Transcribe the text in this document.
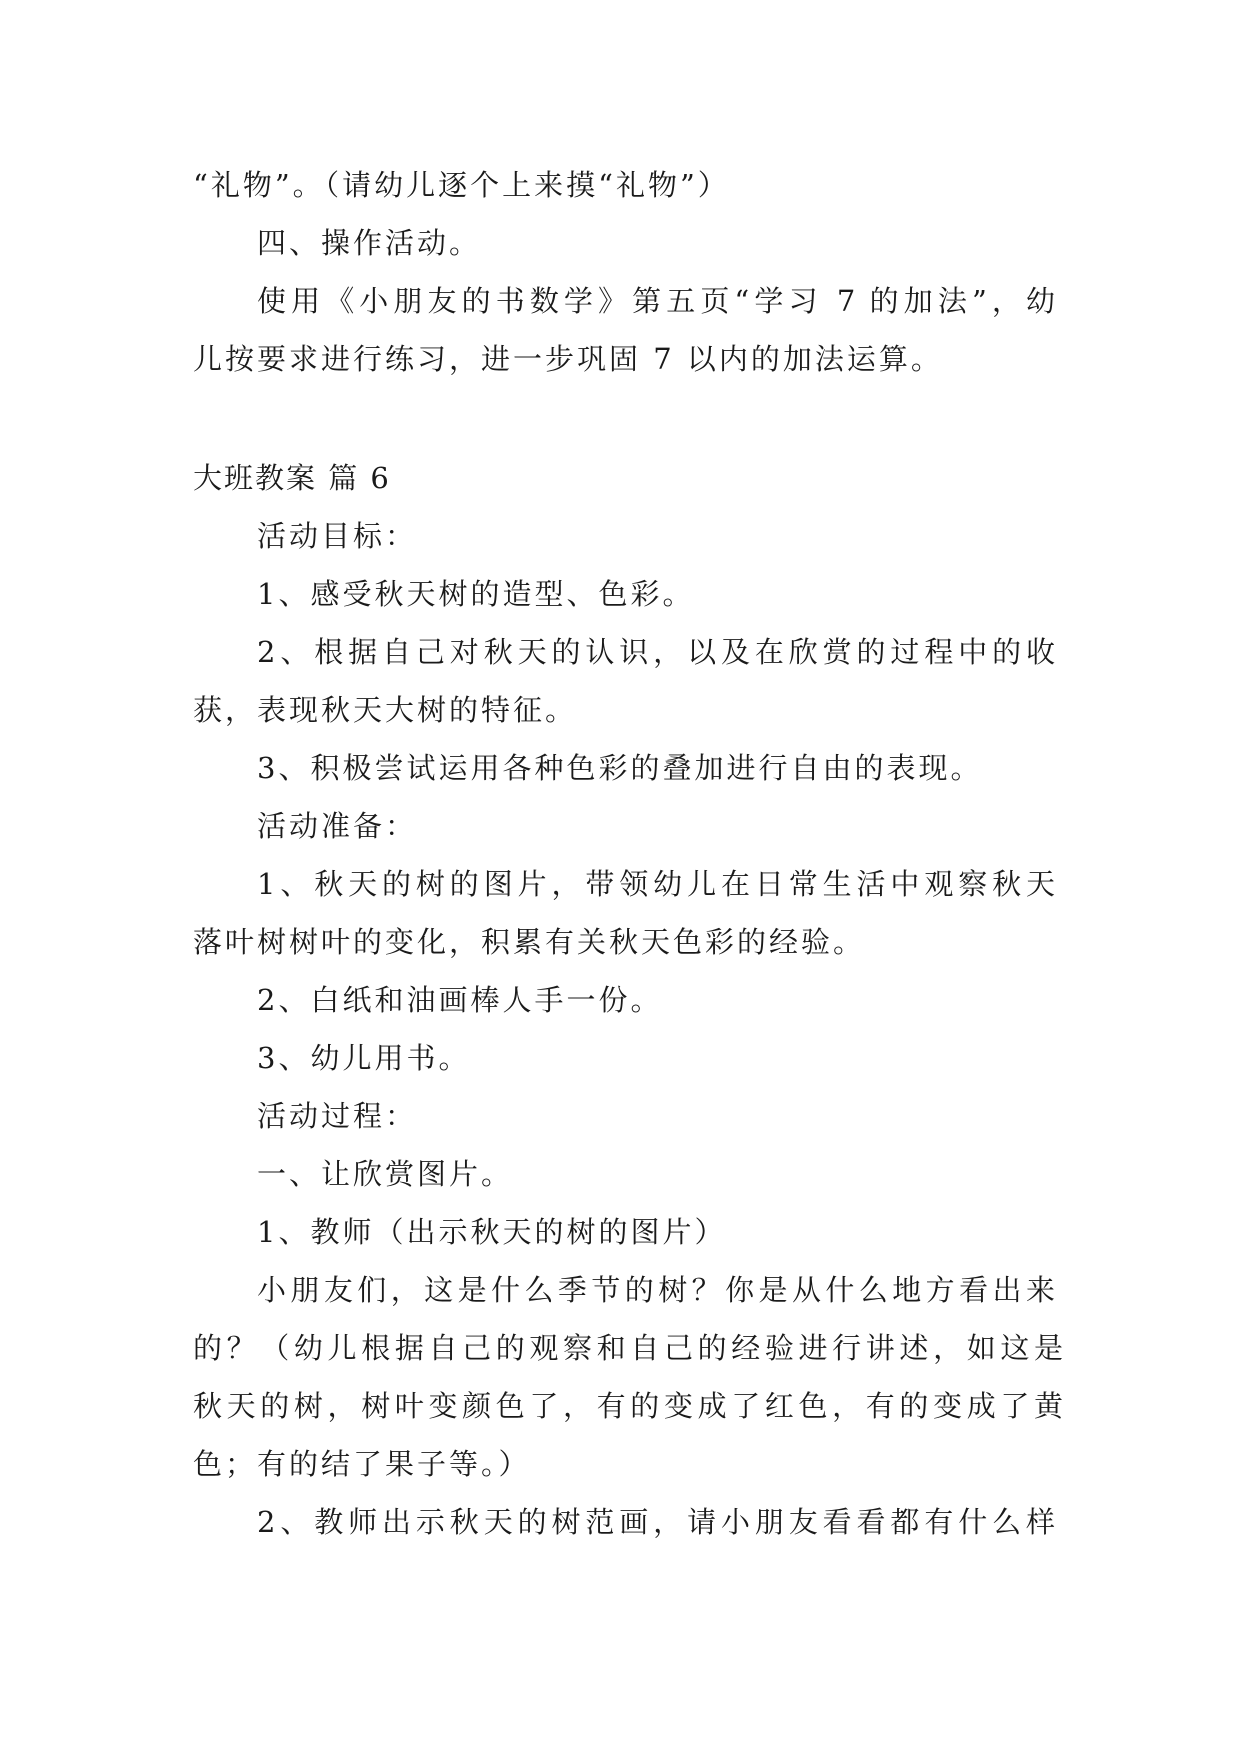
“礼物”。（请幼儿逐个上来摸“礼物”）
四、操作活动。
使用《小朋友的书数学》第五页“学习 7 的加法”，幼
儿按要求进行练习，进一步巩固 7 以内的加法运算。
大班教案 篇 6
活动目标：
1、感受秋天树的造型、色彩。
2、根据自己对秋天的认识，以及在欣赏的过程中的收
获，表现秋天大树的特征。
3、积极尝试运用各种色彩的叠加进行自由的表现。
活动准备：
1、秋天的树的图片，带领幼儿在日常生活中观察秋天
落叶树树叶的变化，积累有关秋天色彩的经验。
2、白纸和油画棒人手一份。
3、幼儿用书。
活动过程：
一、让欣赏图片。
1、教师（出示秋天的树的图片）
小朋友们，这是什么季节的树？你是从什么地方看出来
的？（幼儿根据自己的观察和自己的经验进行讲述，如这是
秋天的树，树叶变颜色了，有的变成了红色，有的变成了黄
色；有的结了果子等。）
2、教师出示秋天的树范画，请小朋友看看都有什么样
